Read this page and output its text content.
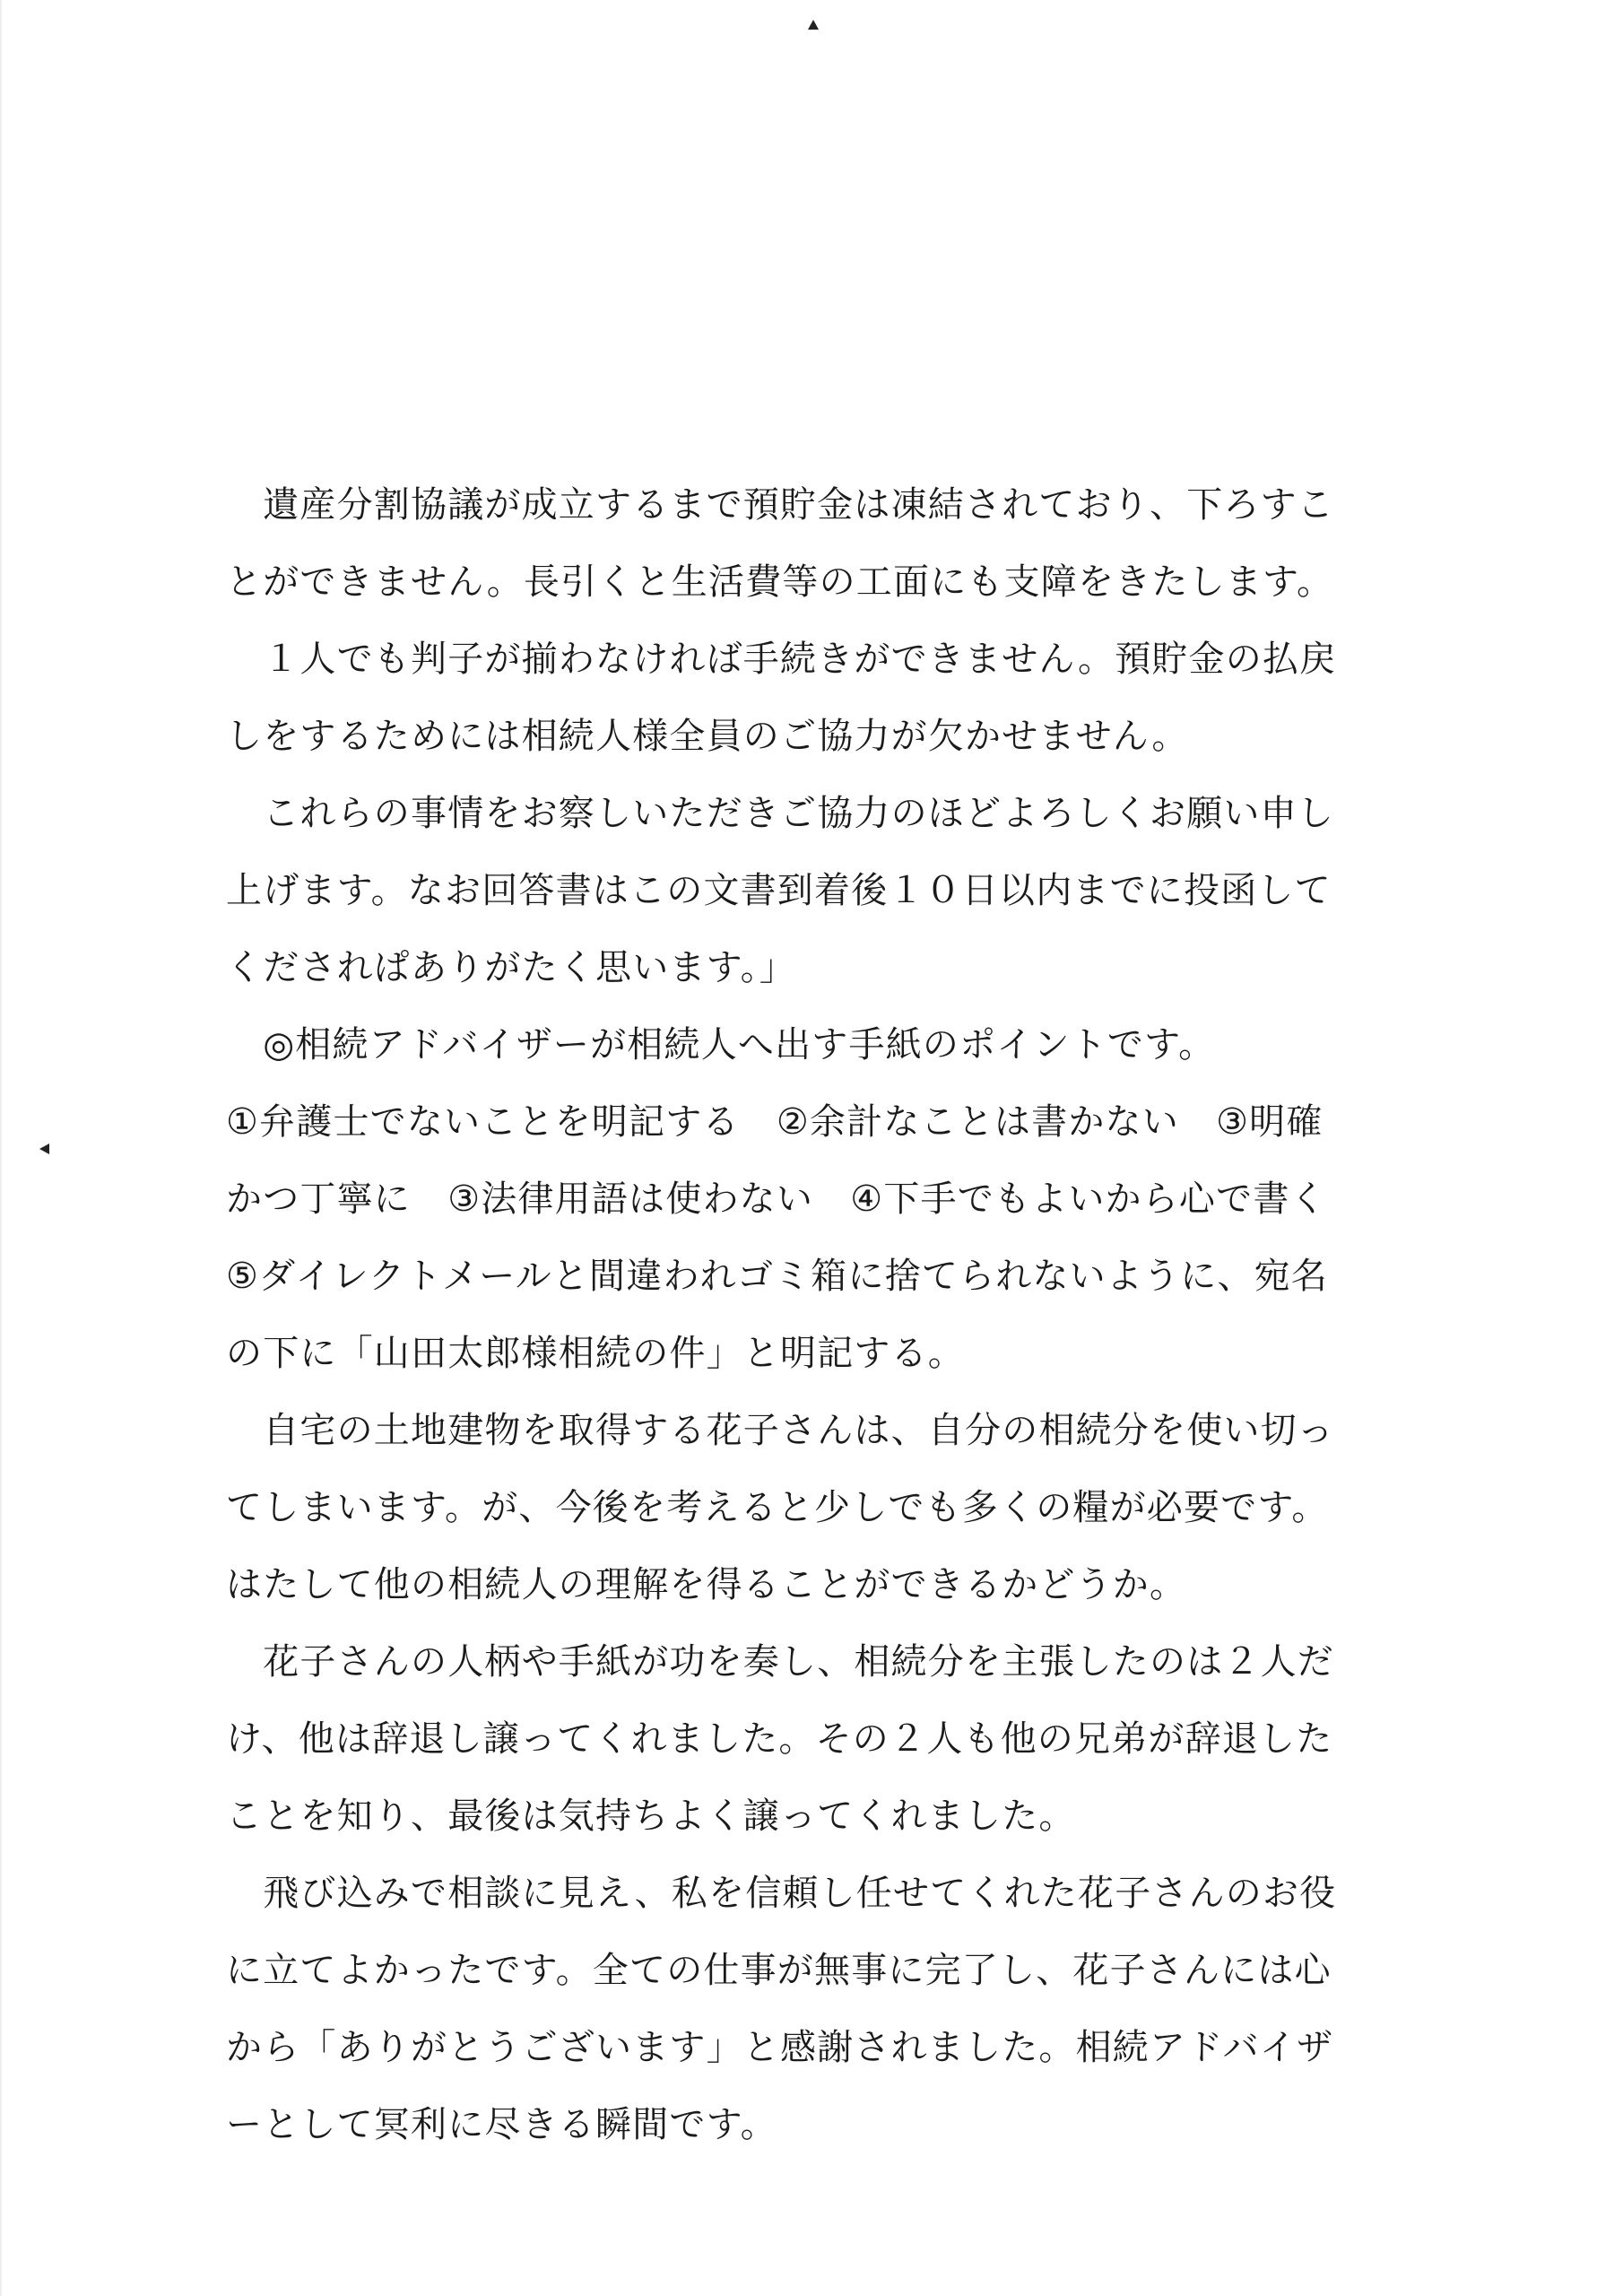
　遺産分割協議が成立するまで預貯金は凍結されており、下ろすこ
とができません。長引くと生活費等の工面にも支障をきたします。
　１人でも判子が揃わなければ手続きができません。預貯金の払戻
しをするためには相続人様全員のご協力が欠かせません。
　これらの事情をお察しいただきご協力のほどよろしくお願い申し
上げます。なお回答書はこの文書到着後１０日以内までに投函して
くだされぱありがたく思います。」
　◎相続アドバイザーが相続人へ出す手紙のポイントです。
①弁護士でないことを明記する　②余計なことは書かない　③明確
かつ丁寧に　③法律用語は使わない　④下手でもよいから心で書く
⑤ダイレクトメールと間違われゴミ箱に捨てられないように、宛名
の下に「山田太郎様相続の件」と明記する。
　自宅の土地建物を取得する花子さんは、自分の相続分を使い切っ
てしまいます。が、今後を考えると少しでも多くの糧が必要です。
はたして他の相続人の理解を得ることができるかどうか。
　花子さんの人柄や手紙が功を奏し、相続分を主張したのは２人だ
け、他は辞退し譲ってくれました。その２人も他の兄弟が辞退した
ことを知り、最後は気持ちよく譲ってくれました。
　飛び込みで相談に見え、私を信頼し任せてくれた花子さんのお役
に立てよかったです。全ての仕事が無事に完了し、花子さんには心
から「ありがとうございます」と感謝されました。相続アドバイザ
ーとして冥利に尽きる瞬間です。
